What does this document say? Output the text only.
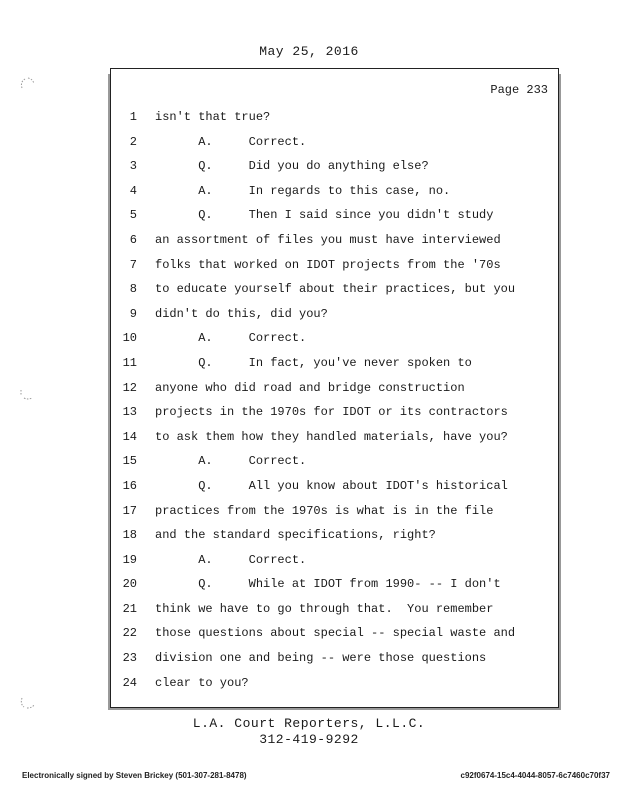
May 25, 2016
Page 233
1 isn't that true?
2 A.     Correct.
3 Q.     Did you do anything else?
4 A.     In regards to this case, no.
5 Q.     Then I said since you didn't study
6 an assortment of files you must have interviewed
7 folks that worked on IDOT projects from the '70s
8 to educate yourself about their practices, but you
9 didn't do this, did you?
10 A.     Correct.
11 Q.     In fact, you've never spoken to
12 anyone who did road and bridge construction
13 projects in the 1970s for IDOT or its contractors
14 to ask them how they handled materials, have you?
15 A.     Correct.
16 Q.     All you know about IDOT's historical
17 practices from the 1970s is what is in the file
18 and the standard specifications, right?
19 A.     Correct.
20 Q.     While at IDOT from 1990- -- I don't
21 think we have to go through that.  You remember
22 those questions about special -- special waste and
23 division one and being -- were those questions
24 clear to you?
L.A. Court Reporters, L.L.C.
312-419-9292
Electronically signed by Steven Brickey (501-307-281-8478)	c92f0674-15c4-4044-8057-6c7460c70f37
